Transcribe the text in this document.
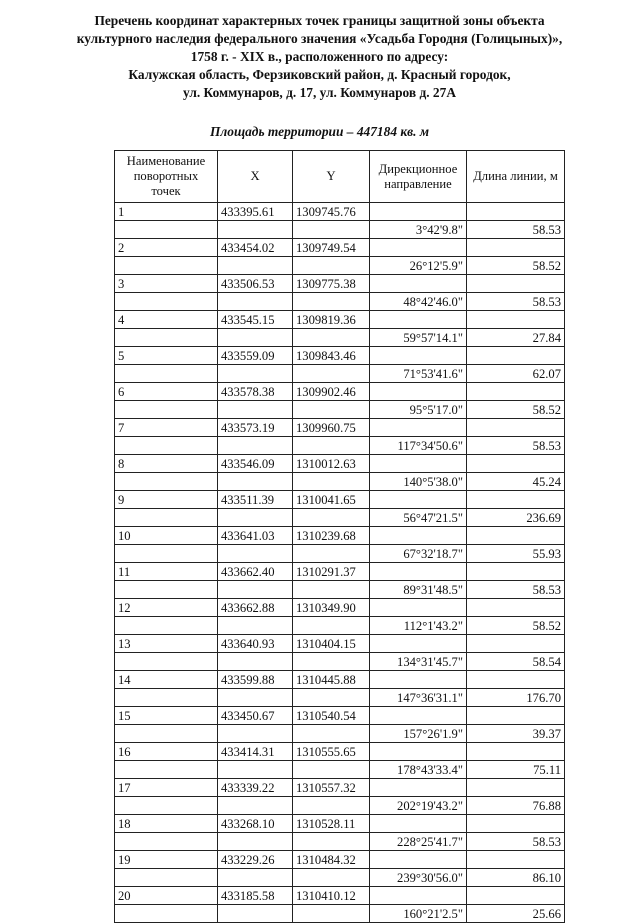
Перечень координат характерных точек границы защитной зоны объекта
культурного наследия федерального значения «Усадьба Городня (Голицыных)»,
1758 г. - XIX в., расположенного по адресу:
Калужская область, Ферзиковский район, д. Красный городок,
ул. Коммунаров, д. 17, ул. Коммунаров д. 27А
Площадь территории – 447184 кв. м
Наименование поворотных точек	X	Y	Дирекционное направление	Длина линии, м
1	433395.61	1309745.76		
			3°42'9.8"	58.53
2	433454.02	1309749.54		
			26°12'5.9"	58.52
3	433506.53	1309775.38		
			48°42'46.0"	58.53
4	433545.15	1309819.36		
			59°57'14.1"	27.84
5	433559.09	1309843.46		
			71°53'41.6"	62.07
6	433578.38	1309902.46		
			95°5'17.0"	58.52
7	433573.19	1309960.75		
			117°34'50.6"	58.53
8	433546.09	1310012.63		
			140°5'38.0"	45.24
9	433511.39	1310041.65		
			56°47'21.5"	236.69
10	433641.03	1310239.68		
			67°32'18.7"	55.93
11	433662.40	1310291.37		
			89°31'48.5"	58.53
12	433662.88	1310349.90		
			112°1'43.2"	58.52
13	433640.93	1310404.15		
			134°31'45.7"	58.54
14	433599.88	1310445.88		
			147°36'31.1"	176.70
15	433450.67	1310540.54		
			157°26'1.9"	39.37
16	433414.31	1310555.65		
			178°43'33.4"	75.11
17	433339.22	1310557.32		
			202°19'43.2"	76.88
18	433268.10	1310528.11		
			228°25'41.7"	58.53
19	433229.26	1310484.32		
			239°30'56.0"	86.10
20	433185.58	1310410.12		
			160°21'2.5"	25.66
